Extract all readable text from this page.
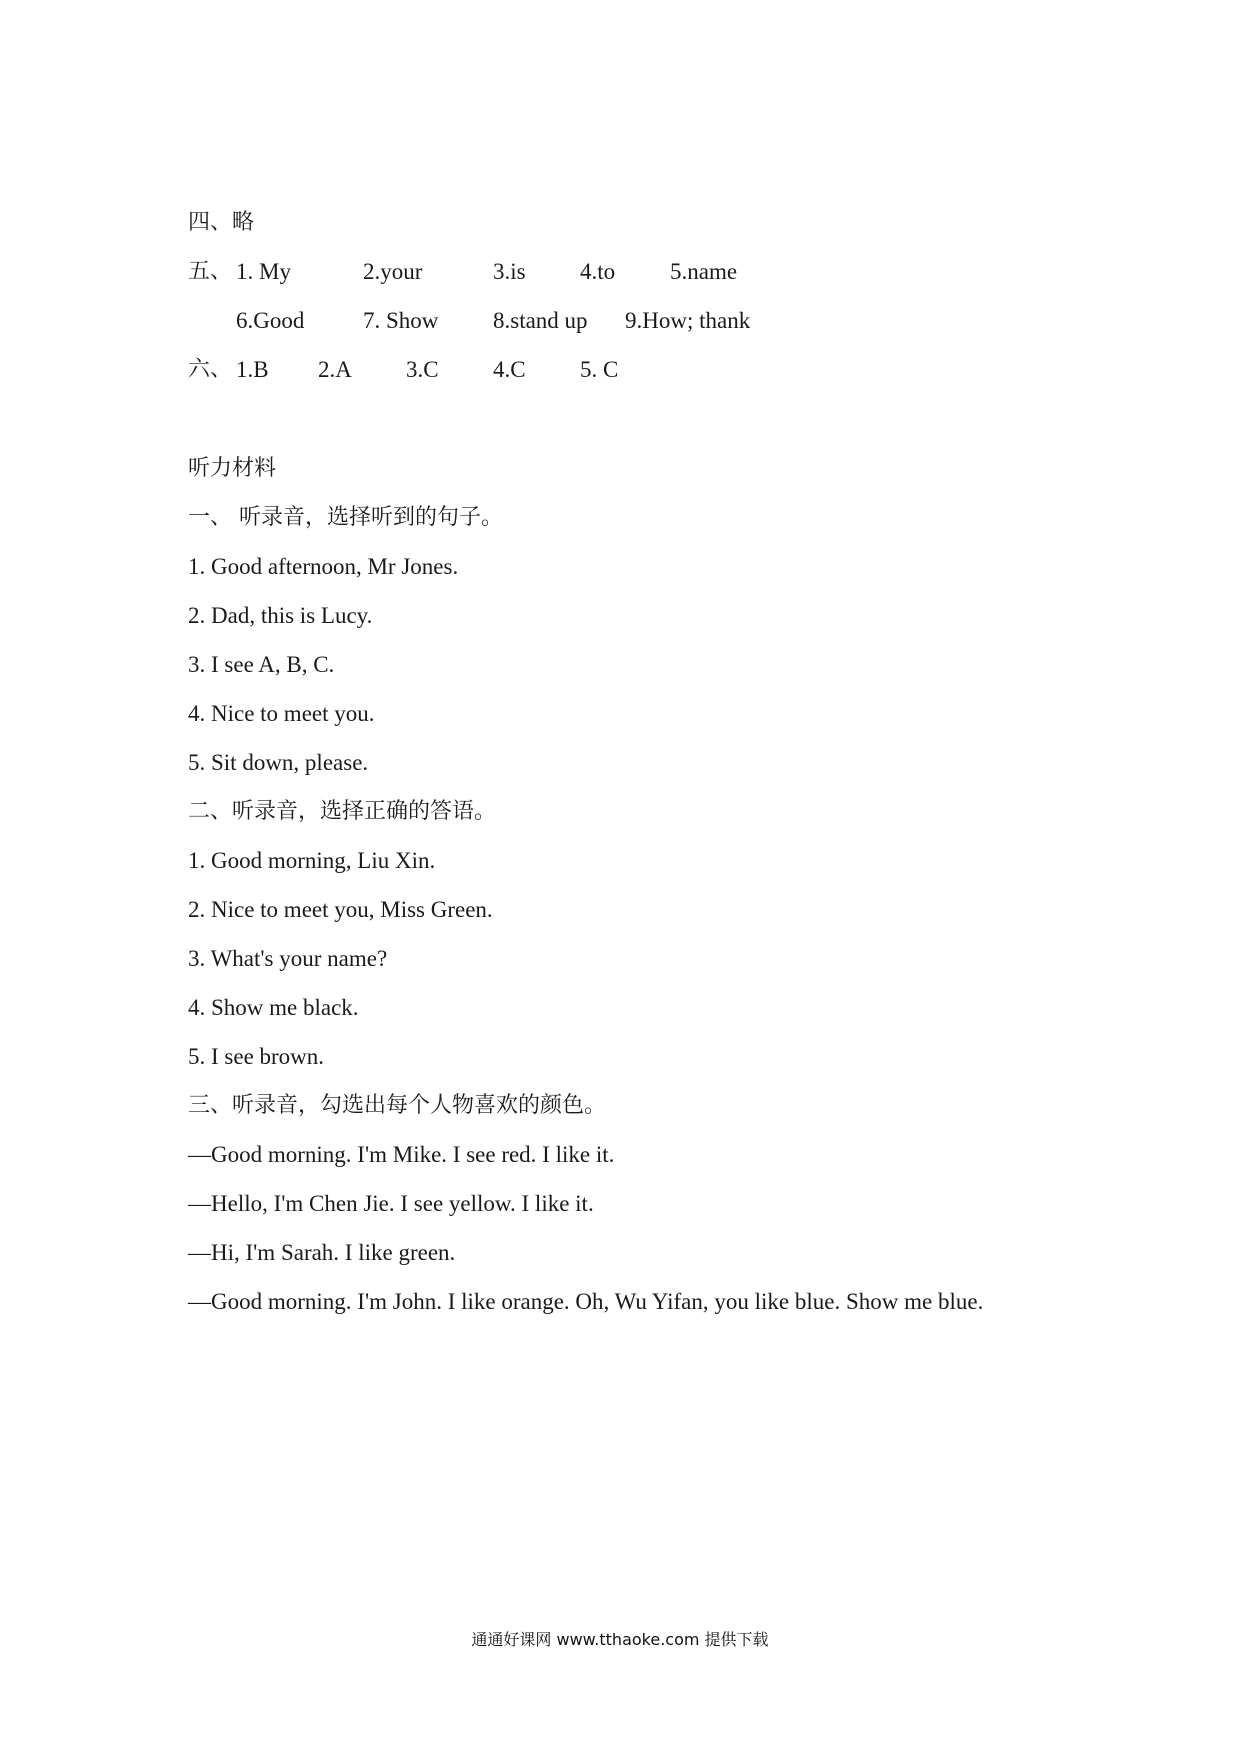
四、略
五、 1. My	2.your	3.is 4.to 5.name
6.Good	7. Show 8.stand up 9.How; thank
六、 1.B 2.A 3.C 4.C 5. C
听力材料
一、 听录音，选择听到的句子。
1. Good afternoon, Mr Jones.
2. Dad, this is Lucy.
3. I see A, B, C.
4. Nice to meet you.
5. Sit down, please.
二、听录音，选择正确的答语。
1. Good morning, Liu Xin.
2. Nice to meet you, Miss Green.
3. What's your name?
4. Show me black.
5. I see brown.
三、听录音，勾选出每个人物喜欢的颜色。
—Good morning. I'm Mike. I see red. I like it.
—Hello, I'm Chen Jie. I see yellow. I like it.
—Hi, I'm Sarah. I like green.
—Good morning. I'm John. I like orange. Oh, Wu Yifan, you like blue. Show me blue.
通通好课网 www.tthaoke.com 提供下载
